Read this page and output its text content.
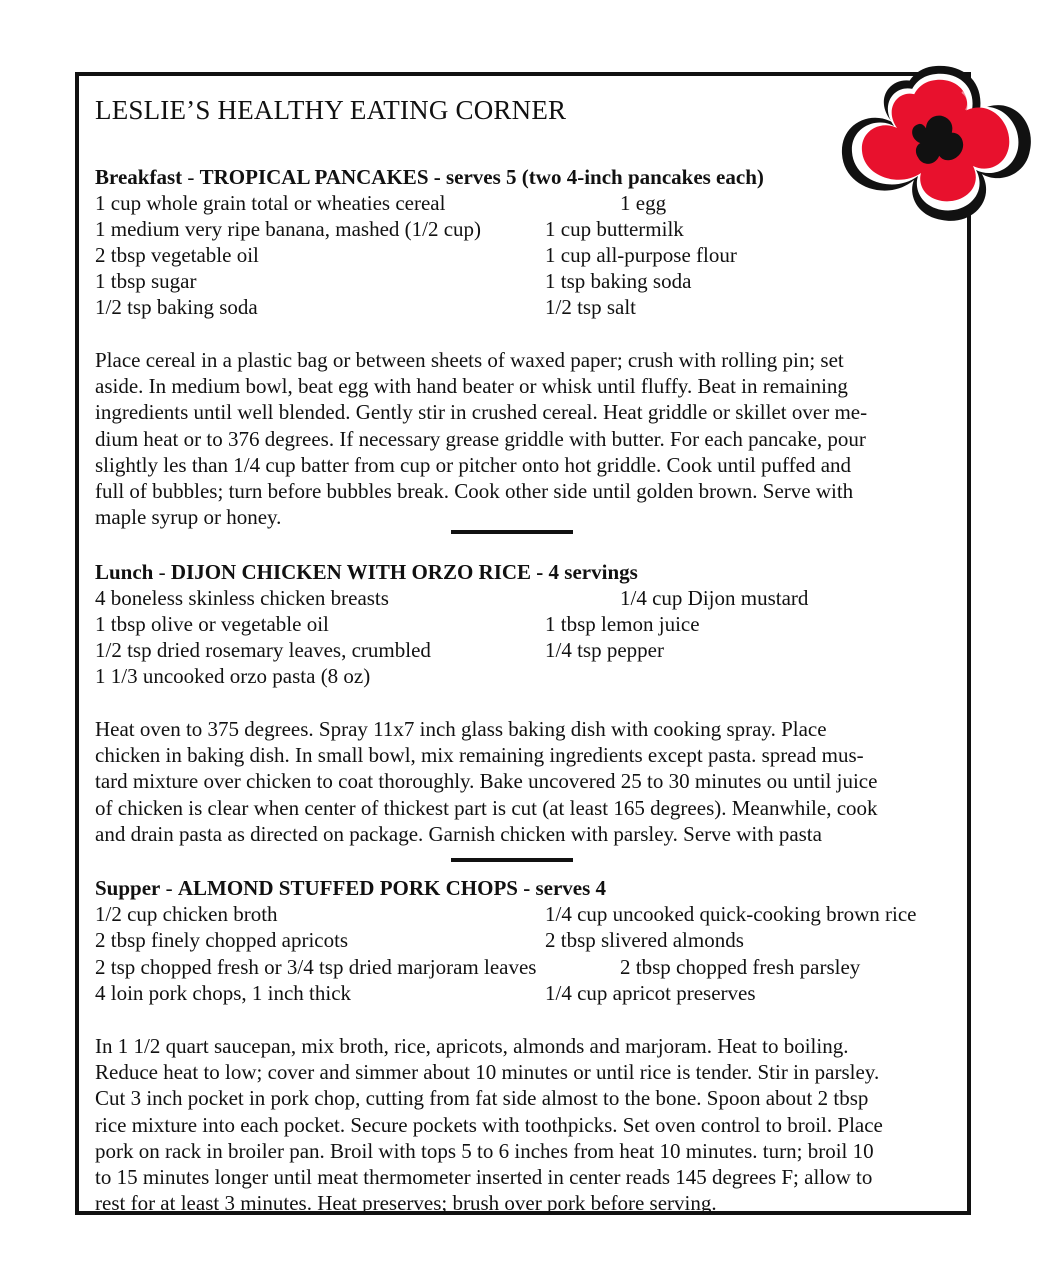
LESLIE’S HEALTHY EATING CORNER
Breakfast - TROPICAL PANCAKES - serves 5 (two 4-inch pancakes each)
1 cup whole grain total or wheaties cereal
1 medium very ripe banana, mashed (1/2 cup)
2 tbsp vegetable oil
1 tbsp sugar
1/2 tsp baking soda
1 egg
1 cup buttermilk
1 cup all-purpose flour
1 tsp baking soda
1/2 tsp salt
Place cereal in a plastic bag or between sheets of waxed paper; crush with rolling pin; set
aside. In medium bowl, beat egg with hand beater or whisk until fluffy. Beat in remaining
ingredients until well blended. Gently stir in crushed cereal. Heat griddle or skillet over me-
dium heat or to 376 degrees. If necessary grease griddle with butter. For each pancake, pour
slightly les than 1/4 cup batter from cup or pitcher onto hot griddle. Cook until puffed and
full of bubbles; turn before bubbles break. Cook other side until golden brown. Serve with
maple syrup or honey.
Lunch - DIJON CHICKEN WITH ORZO RICE - 4 servings
4 boneless skinless chicken breasts
1 tbsp olive or vegetable oil
1/2 tsp dried rosemary leaves, crumbled
1 1/3 uncooked orzo pasta (8 oz)
1/4 cup Dijon mustard
1 tbsp lemon juice
1/4 tsp pepper
Heat oven to 375 degrees. Spray 11x7 inch glass baking dish with cooking spray. Place
chicken in baking dish. In small bowl, mix remaining ingredients except pasta. spread mus-
tard mixture over chicken to coat thoroughly. Bake uncovered 25 to 30 minutes ou until juice
of chicken is clear when center of thickest part is cut (at least 165 degrees). Meanwhile, cook
and drain pasta as directed on package. Garnish chicken with parsley. Serve with pasta
Supper - ALMOND STUFFED PORK CHOPS - serves 4
1/2 cup chicken broth
2 tbsp finely chopped apricots
2 tsp chopped fresh or 3/4 tsp dried marjoram leaves
4 loin pork chops, 1 inch thick
1/4 cup uncooked quick-cooking brown rice
2 tbsp slivered almonds
2 tbsp chopped fresh parsley
1/4 cup apricot preserves
In 1 1/2 quart saucepan, mix broth, rice, apricots, almonds and marjoram. Heat to boiling.
Reduce heat to low; cover and simmer about 10 minutes or until rice is tender. Stir in parsley.
Cut 3 inch pocket in pork chop, cutting from fat side almost to the bone. Spoon about 2 tbsp
rice mixture into each pocket. Secure pockets with toothpicks. Set oven control to broil. Place
pork on rack in broiler pan. Broil with tops 5 to 6 inches from heat 10 minutes. turn; broil 10
to 15 minutes longer until meat thermometer inserted in center reads 145 degrees F; allow to
rest for at least 3 minutes. Heat preserves; brush over pork before serving.
